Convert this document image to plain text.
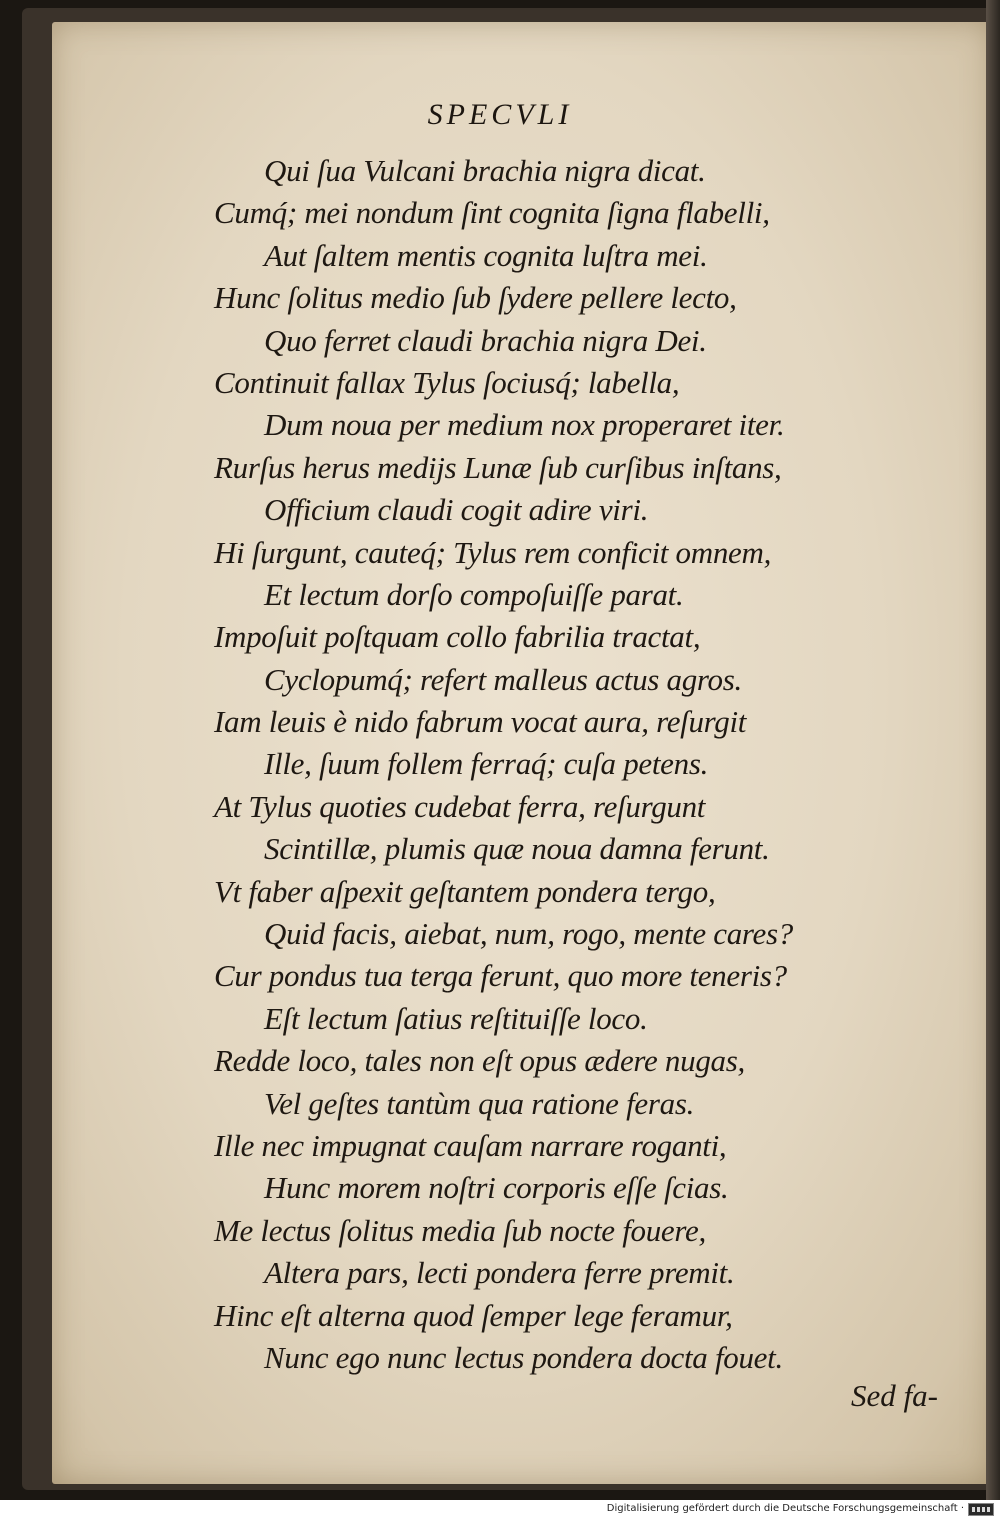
SPECVLI
Qui ſua Vulcani brachia nigra dicat.
Cumq́; mei nondum ſint cognita ſigna flabelli,
Aut ſaltem mentis cognita luſtra mei.
Hunc ſolitus medio ſub ſydere pellere lecto,
Quo ferret claudi brachia nigra Dei.
Continuit fallax Tylus ſociusq́; labella,
Dum noua per medium nox properaret iter.
Rurſus herus medijs Lunæ ſub curſibus inſtans,
Officium claudi cogit adire viri.
Hi ſurgunt, cauteq́; Tylus rem conficit omnem,
Et lectum dorſo compoſuiſſe parat.
Impoſuit poſtquam collo fabrilia tractat,
Cyclopumq́; refert malleus actus agros.
Iam leuis è nido fabrum vocat aura, reſurgit
Ille, ſuum follem ferraq́; cuſa petens.
At Tylus quoties cudebat ferra, reſurgunt
Scintillæ, plumis quæ noua damna ferunt.
Vt faber aſpexit geſtantem pondera tergo,
Quid facis, aiebat, num, rogo, mente cares?
Cur pondus tua terga ferunt, quo more teneris?
Eſt lectum ſatius reſtituiſſe loco.
Redde loco, tales non eſt opus ædere nugas,
Vel geſtes tantùm qua ratione feras.
Ille nec impugnat cauſam narrare roganti,
Hunc morem noſtri corporis eſſe ſcias.
Me lectus ſolitus media ſub nocte fouere,
Altera pars, lecti pondera ferre premit.
Hinc eſt alterna quod ſemper lege feramur,
Nunc ego nunc lectus pondera docta fouet.
Sed fa-
Digitalisierung gefördert durch die Deutsche Forschungsgemeinschaft ·
